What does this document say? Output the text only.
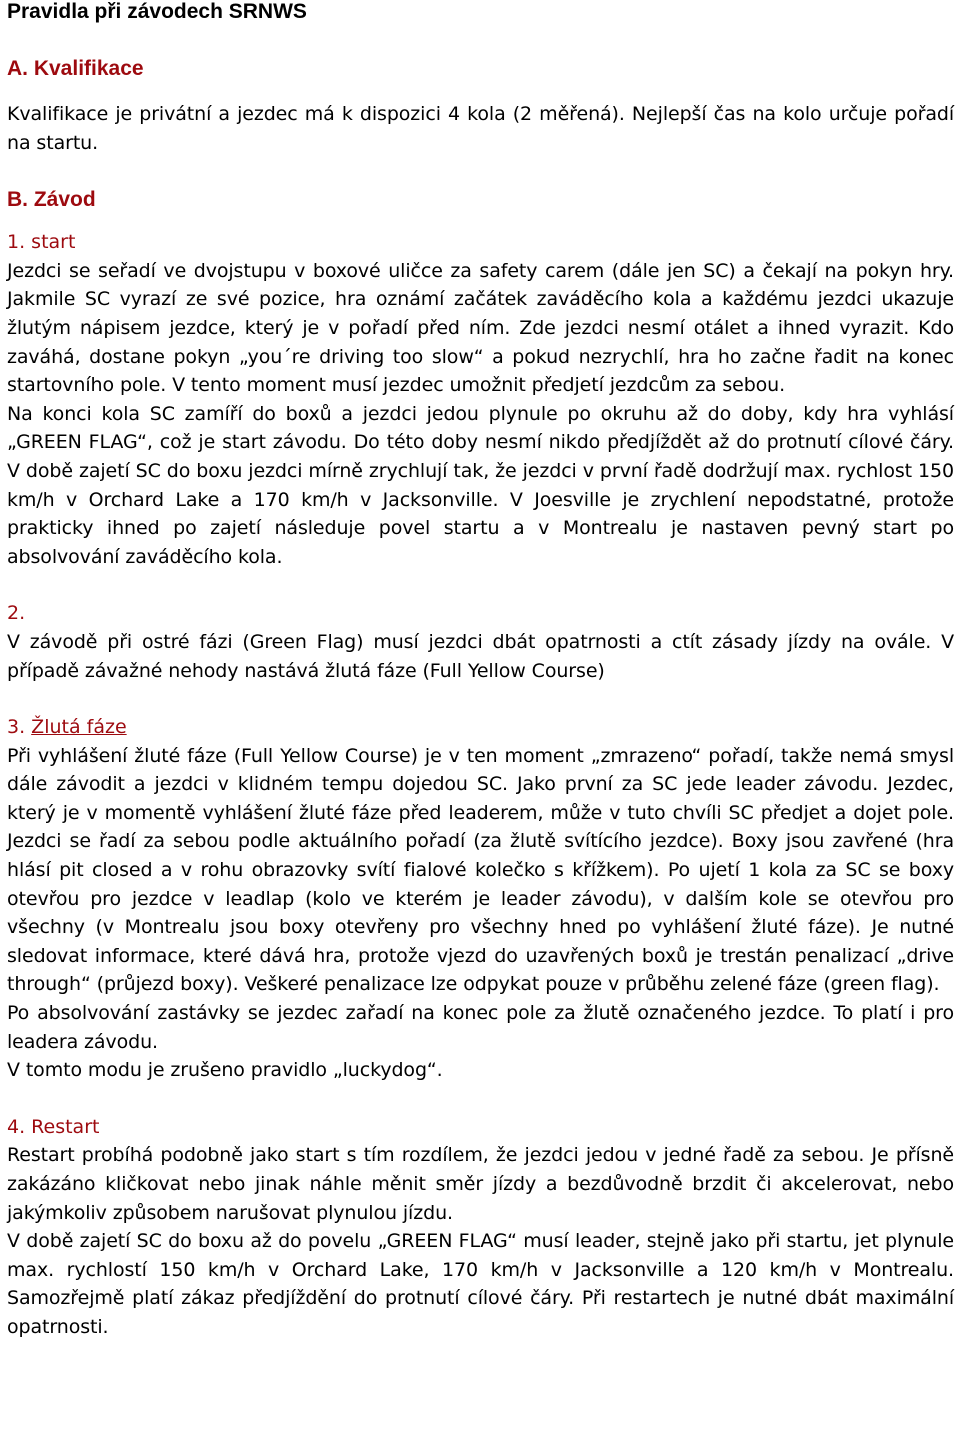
Pravidla při závodech SRNWS
A. Kvalifikace

Kvalifikace je privátní a jezdec má k dispozici 4 kola (2 měřená). Nejlepší čas na kolo určuje pořadí na startu.

B. Závod

1. start

Jezdci se seřadí ve dvojstupu v boxové uličce za safety carem (dále jen SC) a čekají na pokyn hry. Jakmile SC vyrazí ze své pozice, hra oznámí začátek zaváděcího kola a každému jezdci ukazuje žlutým nápisem jezdce, který je v pořadí před ním. Zde jezdci nesmí otálet a ihned vyrazit. Kdo zaváhá, dostane pokyn „you´re driving too slow“ a pokud nezrychlí, hra ho začne řadit na konec startovního pole. V tento moment musí jezdec umožnit předjetí jezdcům za sebou.

Na konci kola SC zamíří do boxů a jezdci jedou plynule po okruhu až do doby, kdy hra vyhlásí „GREEN FLAG“, což je start závodu. Do této doby nesmí nikdo předjíždět až do protnutí cílové čáry. V době zajetí SC do boxu jezdci mírně zrychlují tak, že jezdci v první řadě dodržují max. rychlost 150 km/h v Orchard Lake a 170 km/h v Jacksonville. V Joesville je zrychlení nepodstatné, protože prakticky ihned po zajetí následuje povel startu a v Montrealu je nastaven pevný start po absolvování zaváděcího kola.

2.

V závodě při ostré fázi (Green Flag) musí jezdci dbát opatrnosti a ctít zásady jízdy na ovále. V případě závažné nehody nastává žlutá fáze (Full Yellow Course)

3. Žlutá fáze

Při vyhlášení žluté fáze (Full Yellow Course) je v ten moment „zmrazeno“ pořadí, takže nemá smysl dále závodit a jezdci v klidném tempu dojedou SC. Jako první za SC jede leader závodu. Jezdec, který je v momentě vyhlášení žluté fáze před leaderem, může v tuto chvíli SC předjet a dojet pole. Jezdci se řadí za sebou podle aktuálního pořadí (za žlutě svítícího jezdce). Boxy jsou zavřené (hra hlásí pit closed a v rohu obrazovky svítí fialové kolečko s křížkem). Po ujetí 1 kola za SC se boxy otevřou pro jezdce v leadlap (kolo ve kterém je leader závodu), v dalším kole se otevřou pro všechny (v Montrealu jsou boxy otevřeny pro všechny hned po vyhlášení žluté fáze). Je nutné sledovat informace, které dává hra, protože vjezd do uzavřených boxů je trestán penalizací „drive through“ (průjezd boxy). Veškeré penalizace lze odpykat pouze v průběhu zelené fáze (green flag).

Po absolvování zastávky se jezdec zařadí na konec pole za žlutě označeného jezdce. To platí i pro leadera závodu.

V tomto modu je zrušeno pravidlo „luckydog“.

4. Restart

Restart probíhá podobně jako start s tím rozdílem, že jezdci jedou v jedné řadě za sebou. Je přísně zakázáno kličkovat nebo jinak náhle měnit směr jízdy a bezdůvodně brzdit či akcelerovat, nebo jakýmkoliv způsobem narušovat plynulou jízdu.

V době zajetí SC do boxu až do povelu „GREEN FLAG“ musí leader, stejně jako při startu, jet plynule max. rychlostí 150 km/h v Orchard Lake, 170 km/h v Jacksonville a 120 km/h v Montrealu. Samozřejmě platí zákaz předjíždění do protnutí cílové čáry. Při restartech je nutné dbát maximální opatrnosti.
